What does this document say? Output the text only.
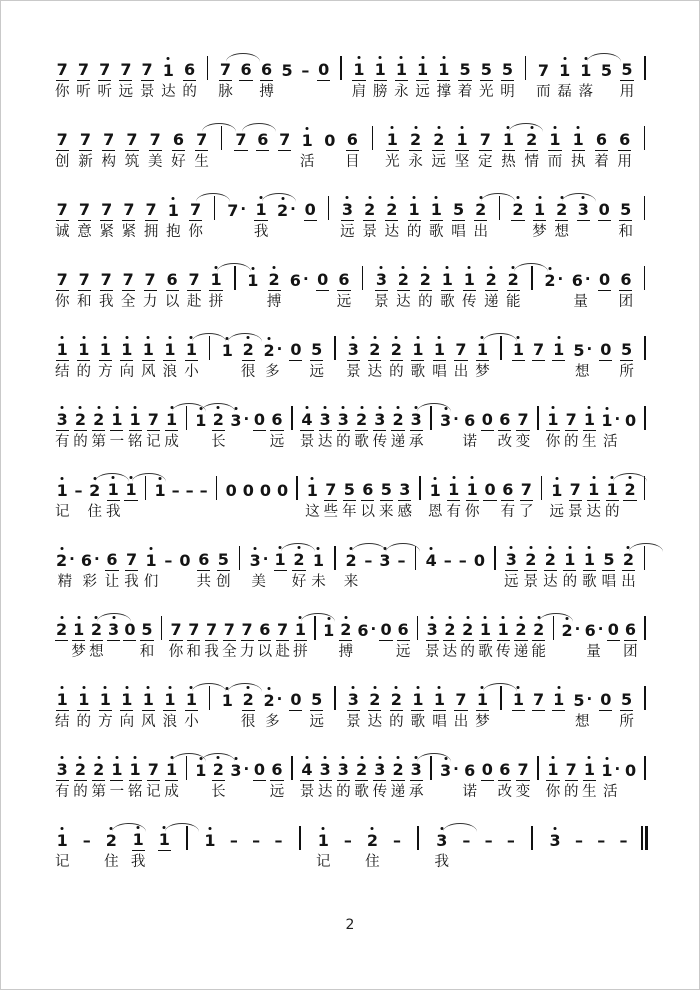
7
你
7
听
7
听
7
远
7
景
1
达
6
的
7
脉
6 6
搏
5 – 0 1
肩
1
膀
1
永
1
远
1
撑
5
着
5
光
5
明
7
而
1
磊
1
落
5 5
用
7
创
7
新
7
构
7
筑
7
美
6
好
7
生
7 6 7 1
活
0 6
目
1
光
2
永
2
远
1
坚
7
定
1
热
2
情
1
而
1
执
6
着
6
用
7
诚
7
意
7
紧
7
紧
7
拥
1
抱
7
你
7 · 1
我
2 · 0 3
远
2
景
2
达
1
的
1
歌
5
唱
2
出
2 1
梦
2
想
3 0 5
和
7
你
7
和
7
我
7
全
7
力
6
以
7
赴
1
拼
1 2
搏
6 · 0 6
远
3
景
2
达
2
的
1
歌
1
传
2
递
2
能
2 · 6 ·
量
0 6
团
1
结
1
的
1
方
1
向
1
风
1
浪
1
小
1 2
很
2 ·
多
0 5
远
3
景
2
达
2
的
1
歌
1
唱
7
出
1
梦
1 7 1 5 ·
想
0 5
所
3
有
2
的
2
第
1
一
1
铭
7
记
1
成
1 2
长
3 · 0 6
远
4
景
3
达
3
的
2
歌
3
传
2
递
3
承
3 · 6
诺
0 6
改
7
变
1
你
7
的
1
生
1 ·
活
0
1
记
– 2
住
1
我
1 1 – – – 0 0 0 0 1
这
7
些
5
年
6
以
5
来
3
感
1
恩
1
有
1
你
0 6
有
7
了
1
远
7
景
1
达
1
的
2
2 ·
精
6 ·
彩
6
让
7
我
1
们
– 0 6
共
5
创
3 ·
美
1 2
好
1
未
2
来
– 3 – 4 – – 0 3
远
2
景
2
达
1
的
1
歌
5
唱
2
出
2 1
梦
2
想
3 0 5
和
7
你
7
和
7
我
7
全
7
力
6
以
7
赴
1
拼
1 2
搏
6 · 0 6
远
3
景
2
达
2
的
1
歌
1
传
2
递
2
能
2 · 6 ·
量
0 6
团
1
结
1
的
1
方
1
向
1
风
1
浪
1
小
1 2
很
2 ·
多
0 5
远
3
景
2
达
2
的
1
歌
1
唱
7
出
1
梦
1 7 1 5 ·
想
0 5
所
3
有
2
的
2
第
1
一
1
铭
7
记
1
成
1 2
长
3 · 0 6
远
4
景
3
达
3
的
2
歌
3
传
2
递
3
承
3 · 6
诺
0 6
改
7
变
1
你
7
的
1
生
1 ·
活
0
1
记
– 2
住
1
我
1 1 – – – 1
记
– 2
住
– 3
我
– – – 3 – – –
2
